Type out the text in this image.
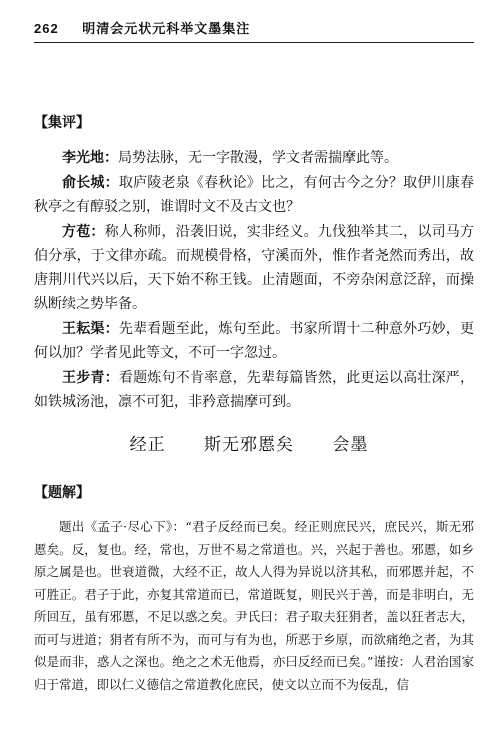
262 明清会元状元科举文墨集注
【集评】

李光地：局势法脉，无一字散漫，学文者需揣摩此等。

俞长城：取庐陵老泉《春秋论》比之，有何古今之分？取伊川康春秋亭之有醇驳之别，谁谓时文不及古文也？

方苞：称人称师，沿袭旧说，实非经义。九伐独举其二，以司马方伯分承，于文律亦疏。而规模骨格，守溪而外，惟作者尧然而秀出，故唐荆川代兴以后，天下始不称王钱。止清题面，不旁杂闲意泛辞，而操纵断续之势毕备。

王耘渠：先辈看题至此，炼句至此。书家所谓十二种意外巧妙，更何以加？学者见此等文，不可一字忽过。

王步青：看题炼句不肯率意，先辈每篇皆然，此更运以高壮深严，如铁城汤池，凛不可犯，非矜意揣摩可到。

经正 斯无邪慝矣 会墨
【题解】

题出《孟子·尽心下》：“君子反经而已矣。经正则庶民兴，庶民兴，斯无邪慝矣。反，复也。经，常也，万世不易之常道也。兴，兴起于善也。邪慝，如乡原之属是也。世衰道微，大经不正，故人人得为异说以济其私，而邪慝并起，不可胜正。君子于此，亦复其常道而已，常道既复，则民兴于善，而是非明白，无所回互，虽有邪慝，不足以惑之矣。尹氏曰：君子取夫狂狷者，盖以狂者志大，而可与进道；狷者有所不为，而可与有为也，所恶于乡原，而欲痛绝之者，为其似是而非，惑人之深也。绝之之术无他焉，亦曰反经而已矣。”谨按：人君治国家归于常道，即以仁义德信之常道教化庶民，使文以立而不为佞乱，信
